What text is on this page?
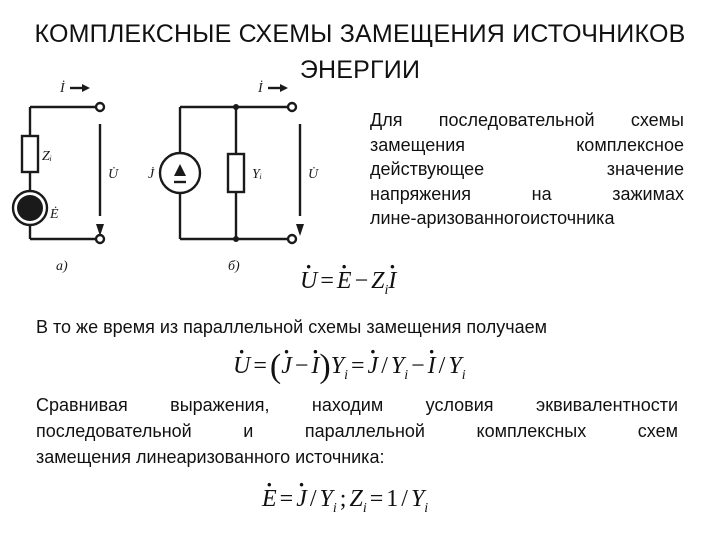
КОМПЛЕКСНЫЕ СХЕМЫ ЗАМЕЩЕНИЯ ИСТОЧНИКОВ ЭНЕРГИИ
İ
Zᵢ
Ė
U̇
а)
İ
J̇	Yᵢ	U̇
б)
Для последовательной схемы
замещения комплексное
действующее значение
напряжения на зажимах
лине-аризованногоисточника
· $U =\cdot E - Z_i\cdot I$
В то же время из параллельной схемы замещения получаем
· U =(· $J -\cdot I)Y_i =\cdot J / Y_i -\cdot I / Y_i$
Сравнивая выражения, находим условия эквивалентности
последовательной и параллельной комплексных схем
замещения линеаризованного источника:
· $E =\cdot J / Y_i$ ; $Z_i = 1 / Y_i$
